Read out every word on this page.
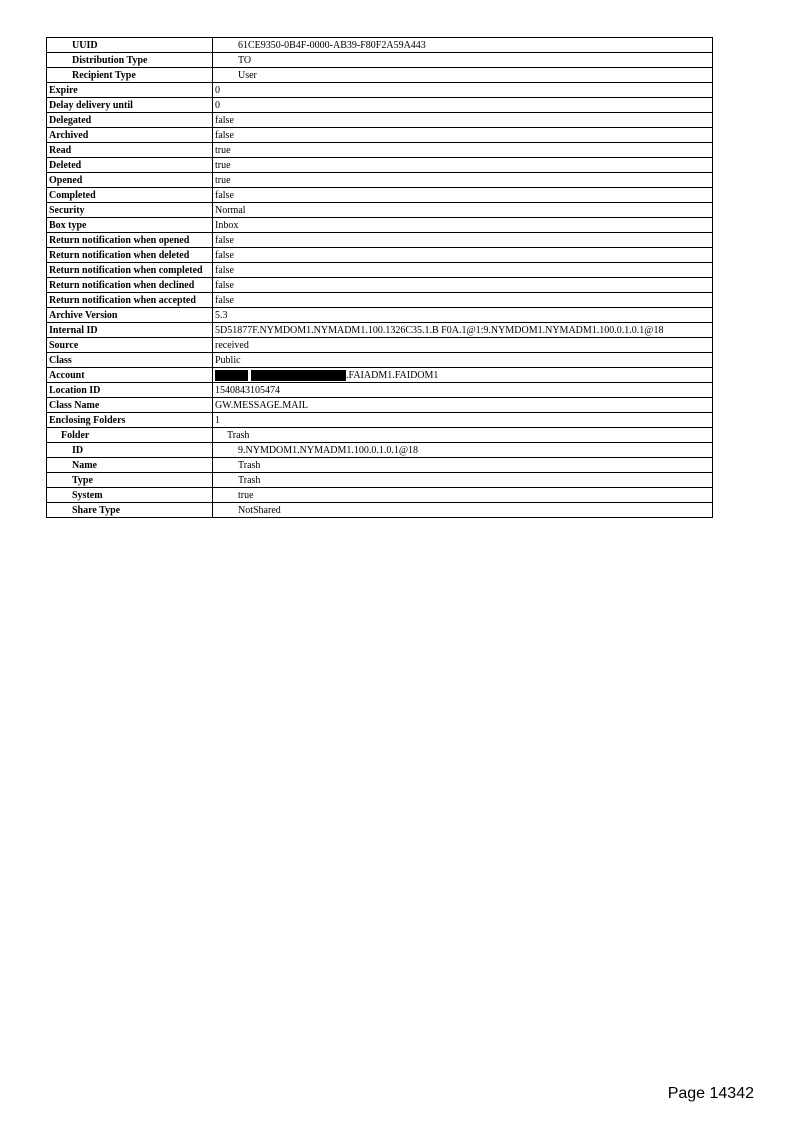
UUID	61CE9350-0B4F-0000-AB39-F80F2A59A443
Distribution Type	TO
Recipient Type	User
Expire	0
Delay delivery until	0
Delegated	false
Archived	false
Read	true
Deleted	true
Opened	true
Completed	false
Security	Normal
Box type	Inbox
Return notification when opened	false
Return notification when deleted	false
Return notification when completed	false
Return notification when declined	false
Return notification when accepted	false
Archive Version	5.3
Internal ID	5D51877F.NYMDOM1.NYMADM1.100.1326C35.1.B F0A.1@1:9.NYMDOM1.NYMADM1.100.0.1.0.1@18
Source	received
Class	Public
Account	.FAIADM1.FAIDOM1
Location ID	1540843105474
Class Name	GW.MESSAGE.MAIL
Enclosing Folders	1
Folder	Trash
ID	9.NYMDOM1.NYMADM1.100.0.1.0.1@18
Name	Trash
Type	Trash
System	true
Share Type	NotShared
Page 14342
